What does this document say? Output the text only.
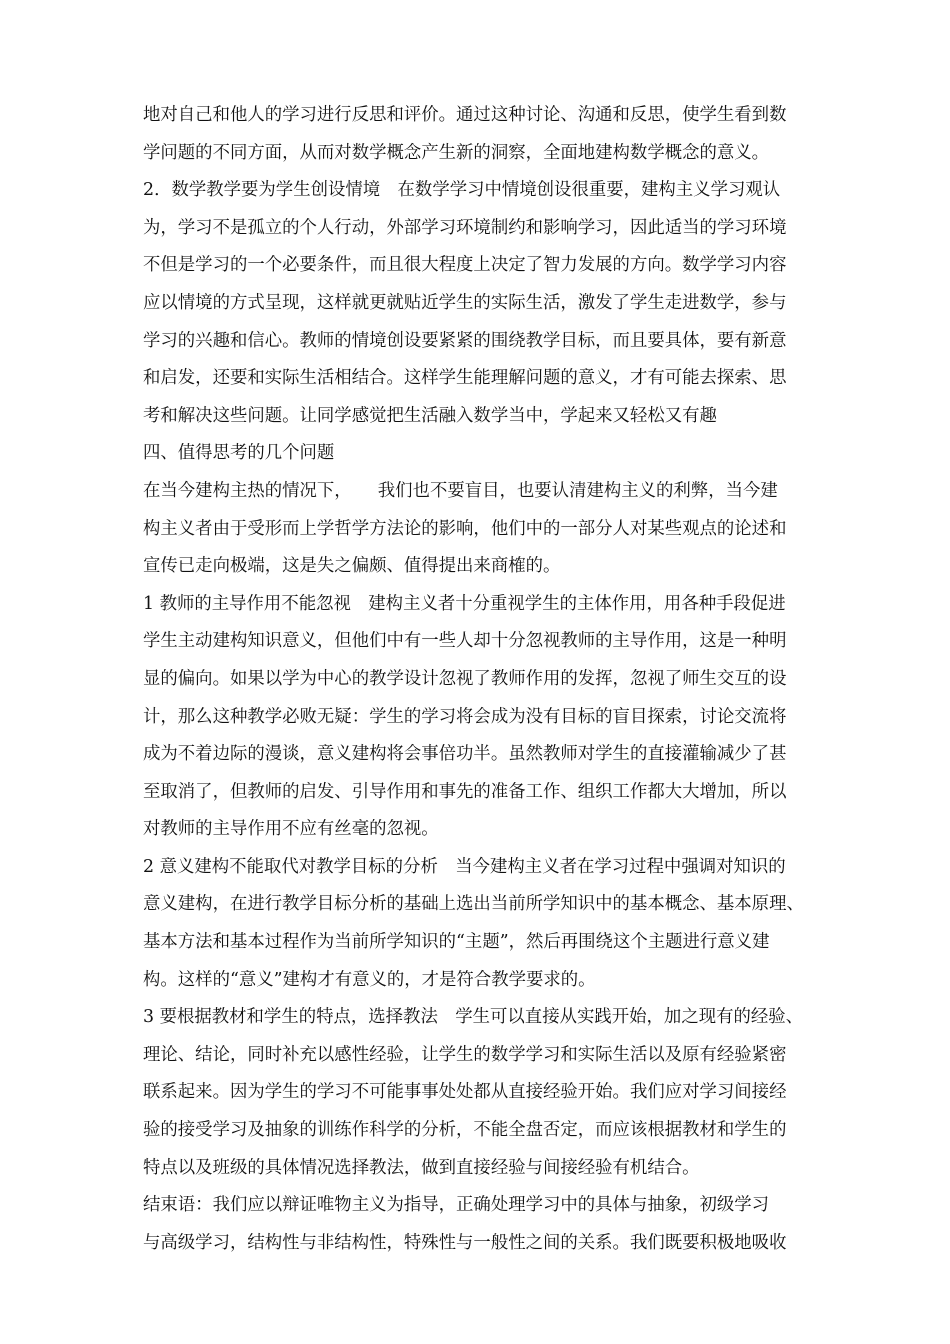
地对自己和他人的学习进行反思和评价。通过这种讨论、沟通和反思，使学生看到数
学问题的不同方面，从而对数学概念产生新的洞察，全面地建构数学概念的意义。
2．数学教学要为学生创设情境　在数学学习中情境创设很重要，建构主义学习观认
为，学习不是孤立的个人行动，外部学习环境制约和影响学习，因此适当的学习环境
不但是学习的一个必要条件，而且很大程度上决定了智力发展的方向。数学学习内容
应以情境的方式呈现，这样就更就贴近学生的实际生活，激发了学生走进数学，参与
学习的兴趣和信心。教师的情境创设要紧紧的围绕教学目标，而且要具体，要有新意
和启发，还要和实际生活相结合。这样学生能理解问题的意义，才有可能去探索、思
考和解决这些问题。让同学感觉把生活融入数学当中，学起来又轻松又有趣
四、值得思考的几个问题
在当今建构主热的情况下，　　我们也不要盲目，也要认清建构主义的利弊，当今建
构主义者由于受形而上学哲学方法论的影响，他们中的一部分人对某些观点的论述和
宣传已走向极端，这是失之偏颇、值得提出来商榷的。
1 教师的主导作用不能忽视　建构主义者十分重视学生的主体作用，用各种手段促进
学生主动建构知识意义，但他们中有一些人却十分忽视教师的主导作用，这是一种明
显的偏向。如果以学为中心的教学设计忽视了教师作用的发挥，忽视了师生交互的设
计，那么这种教学必败无疑：学生的学习将会成为没有目标的盲目探索，讨论交流将
成为不着边际的漫谈，意义建构将会事倍功半。虽然教师对学生的直接灌输减少了甚
至取消了，但教师的启发、引导作用和事先的准备工作、组织工作都大大增加，所以
对教师的主导作用不应有丝毫的忽视。
2 意义建构不能取代对教学目标的分析　当今建构主义者在学习过程中强调对知识的
意义建构，在进行教学目标分析的基础上选出当前所学知识中的基本概念、基本原理、
基本方法和基本过程作为当前所学知识的“主题”，然后再围绕这个主题进行意义建
构。这样的“意义”建构才有意义的，才是符合教学要求的。
3 要根据教材和学生的特点，选择教法　学生可以直接从实践开始，加之现有的经验、
理论、结论，同时补充以感性经验，让学生的数学学习和实际生活以及原有经验紧密
联系起来。因为学生的学习不可能事事处处都从直接经验开始。我们应对学习间接经
验的接受学习及抽象的训练作科学的分析，不能全盘否定，而应该根据教材和学生的
特点以及班级的具体情况选择教法，做到直接经验与间接经验有机结合。
结束语：我们应以辩证唯物主义为指导，正确处理学习中的具体与抽象，初级学习
与高级学习，结构性与非结构性，特殊性与一般性之间的关系。我们既要积极地吸收
